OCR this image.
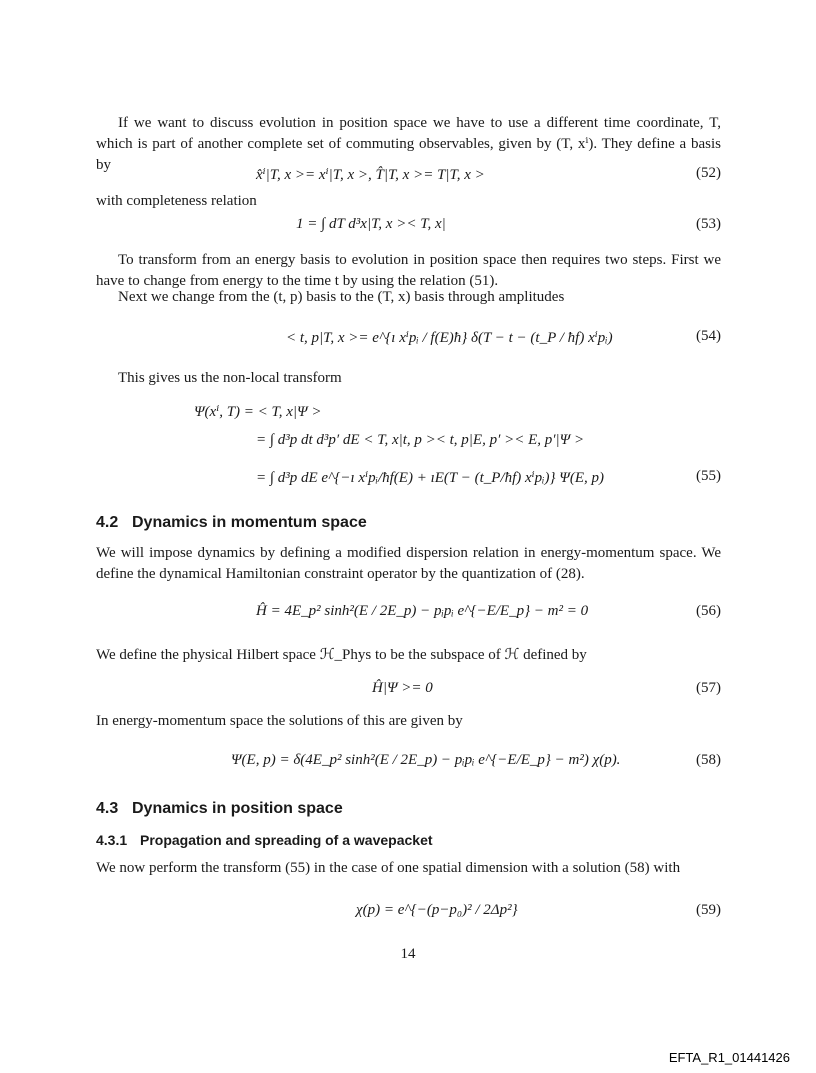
If we want to discuss evolution in position space we have to use a different time coordinate, T, which is part of another complete set of commuting observables, given by (T, xⁱ). They define a basis by
x̂ⁱ|T, x >= xⁱ|T, x >, T̂|T, x >= T|T, x >	(52)
with completeness relation
1 = ∫ dT d³x|T, x >< T, x|	(53)
To transform from an energy basis to evolution in position space then requires two steps. First we have to change from energy to the time t by using the relation (51).
Next we change from the (t, p) basis to the (T, x) basis through amplitudes
< t, p|T, x >= e^{ı xⁱpᵢ / f(E)ħ} δ(T − t − (t_P / ħf) xⁱpᵢ)	(54)
This gives us the non-local transform
Ψ(xⁱ, T) = < T, x|Ψ >
= ∫ d³p dt d³p′ dE < T, x|t, p >< t, p|E, p′ >< E, p′|Ψ >
= ∫ d³p dE e^{−ı xⁱpᵢ/ħf(E) + ıE(T − (t_P/ħf) xⁱpᵢ)} Ψ(E, p)	(55)
4.2 Dynamics in momentum space
We will impose dynamics by defining a modified dispersion relation in energy-momentum space. We define the dynamical Hamiltonian constraint operator by the quantization of (28).
Ĥ = 4E_p² sinh²(E / 2E_p) − pᵢpᵢ e^{−E/E_p} − m² = 0	(56)
We define the physical Hilbert space ℋ_Phys to be the subspace of ℋ defined by
Ĥ|Ψ >= 0	(57)
In energy-momentum space the solutions of this are given by
Ψ(E, p) = δ(4E_p² sinh²(E / 2E_p) − pᵢpᵢ e^{−E/E_p} − m²) χ(p).	(58)
4.3 Dynamics in position space
4.3.1 Propagation and spreading of a wavepacket
We now perform the transform (55) in the case of one spatial dimension with a solution (58) with
χ(p) = e^{−(p−p₀)² / 2Δp²}	(59)
14
EFTA_R1_01441426
